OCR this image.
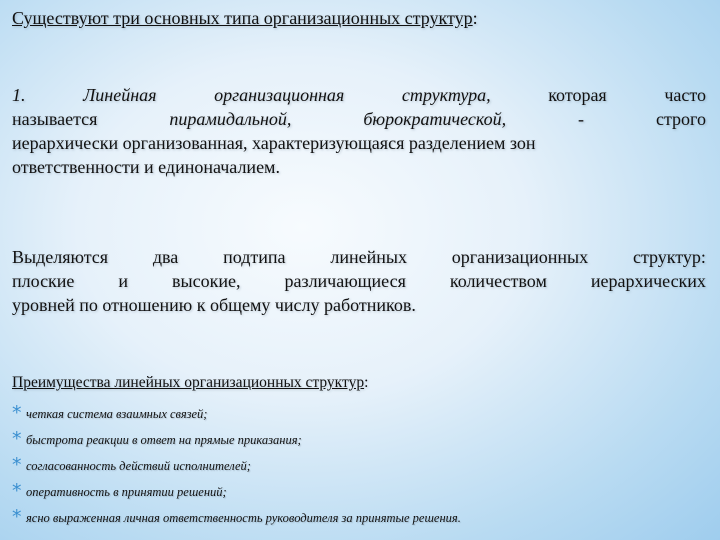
Существуют три основных типа организационных структур:
1.	Линейная	организационная	структура,	которая	часто
называется	пирамидальной,	бюрократической,	-	строго
иерархически организованная, характеризующаяся разделением зон
ответственности и единоначалием.
Выделяются два подтипа линейных организационных структур:
плоские и высокие, различающиеся количеством иерархических
уровней по отношению к общему числу работников.
Преимущества линейных организационных структур:
* четкая система взаимных связей;
* быстрота реакции в ответ на прямые приказания;
* согласованность действий исполнителей;
* оперативность в принятии решений;
* ясно выраженная личная ответственность руководителя за принятые решения.
